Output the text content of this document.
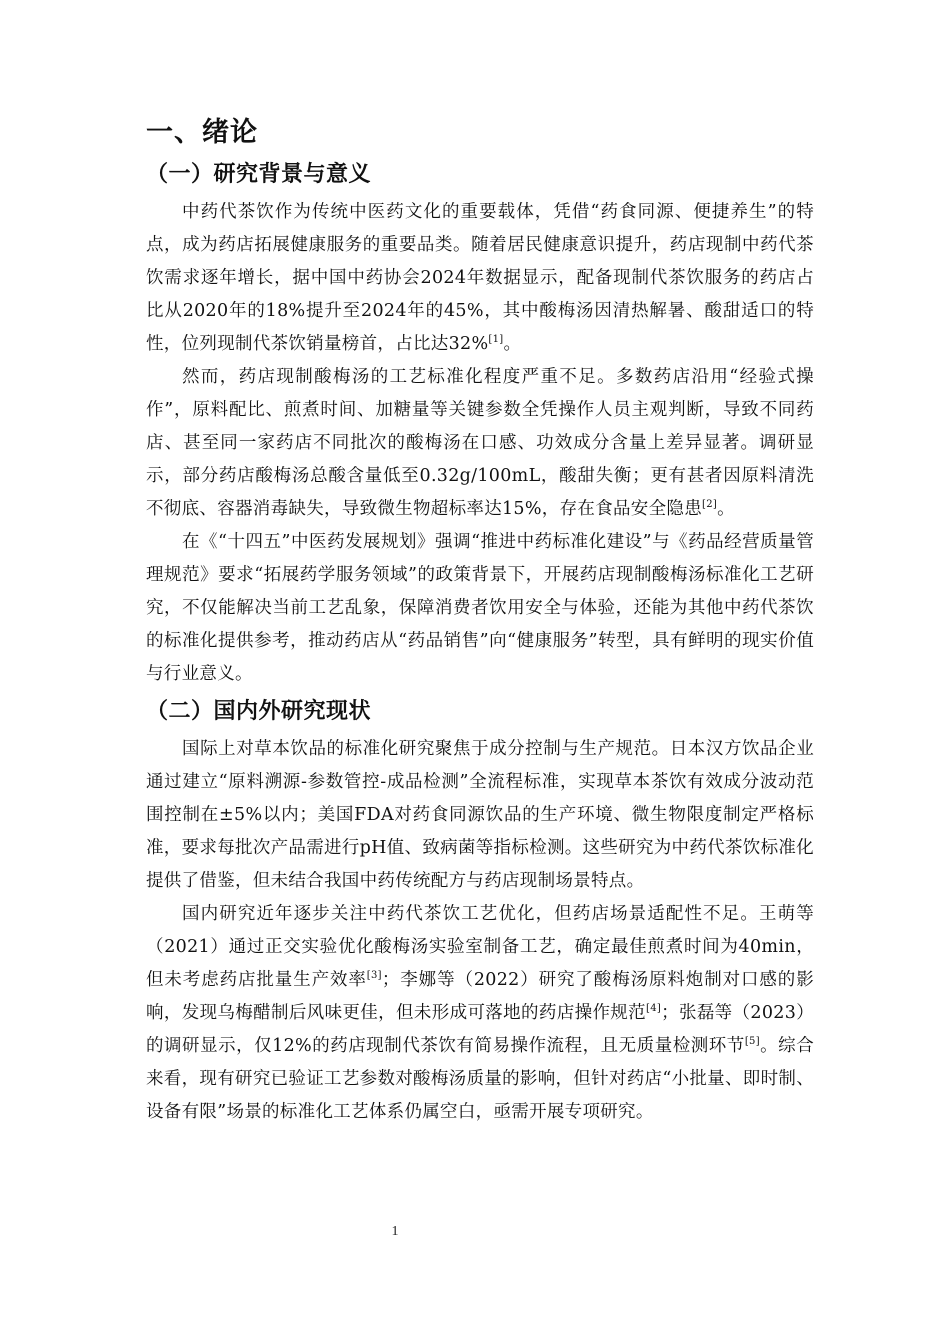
一、绪论
（一）研究背景与意义

中药代茶饮作为传统中医药文化的重要载体，凭借“药食同源、便捷养生”的特点，成为药店拓展健康服务的重要品类。随着居民健康意识提升，药店现制中药代茶饮需求逐年增长，据中国中药协会2024年数据显示，配备现制代茶饮服务的药店占比从2020年的18%提升至2024年的45%，其中酸梅汤因清热解暑、酸甜适口的特性，位列现制代茶饮销量榜首，占比达32%[1]。

然而，药店现制酸梅汤的工艺标准化程度严重不足。多数药店沿用“经验式操作”，原料配比、煎煮时间、加糖量等关键参数全凭操作人员主观判断，导致不同药店、甚至同一家药店不同批次的酸梅汤在口感、功效成分含量上差异显著。调研显示，部分药店酸梅汤总酸含量低至0.32g/100mL，酸甜失衡；更有甚者因原料清洗不彻底、容器消毒缺失，导致微生物超标率达15%，存在食品安全隐患[2]。

在《“十四五”中医药发展规划》强调“推进中药标准化建设”与《药品经营质量管理规范》要求“拓展药学服务领域”的政策背景下，开展药店现制酸梅汤标准化工艺研究，不仅能解决当前工艺乱象，保障消费者饮用安全与体验，还能为其他中药代茶饮的标准化提供参考，推动药店从“药品销售”向“健康服务”转型，具有鲜明的现实价值与行业意义。

（二）国内外研究现状

国际上对草本饮品的标准化研究聚焦于成分控制与生产规范。日本汉方饮品企业通过建立“原料溯源-参数管控-成品检测”全流程标准，实现草本茶饮有效成分波动范围控制在±5%以内；美国FDA对药食同源饮品的生产环境、微生物限度制定严格标准，要求每批次产品需进行pH值、致病菌等指标检测。这些研究为中药代茶饮标准化提供了借鉴，但未结合我国中药传统配方与药店现制场景特点。

国内研究近年逐步关注中药代茶饮工艺优化，但药店场景适配性不足。王萌等（2021）通过正交实验优化酸梅汤实验室制备工艺，确定最佳煎煮时间为40min，但未考虑药店批量生产效率[3]；李娜等（2022）研究了酸梅汤原料炮制对口感的影响，发现乌梅醋制后风味更佳，但未形成可落地的药店操作规范[4]；张磊等（2023）的调研显示，仅12%的药店现制代茶饮有简易操作流程，且无质量检测环节[5]。综合来看，现有研究已验证工艺参数对酸梅汤质量的影响，但针对药店“小批量、即时制、设备有限”场景的标准化工艺体系仍属空白，亟需开展专项研究。

1
